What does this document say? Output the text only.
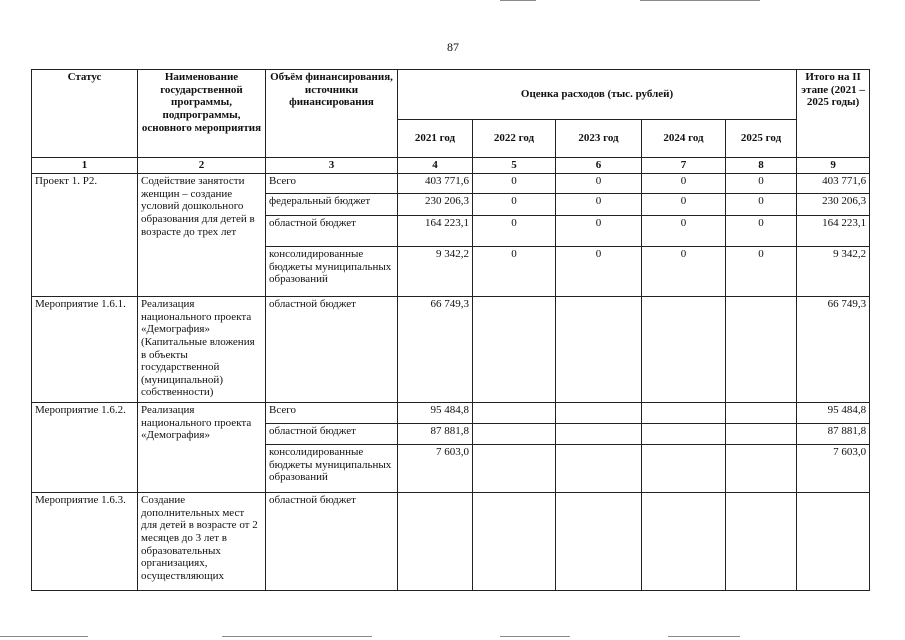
87
Статус	Наименование государственной программы, подпрограммы, основного мероприятия	Объём финансирования, источники финансирования	Оценка расходов (тыс. рублей)					Итого на II этапе (2021 – 2025 годы)
			2021 год	2022 год	2023 год	2024 год	2025 год	
1	2	3	4	5	6	7	8	9
Проект 1. Р2.	Содействие занятости женщин – создание условий дошкольного образования для детей в возрасте до трех лет	Всего	403 771,6	0	0	0	0	403 771,6
		федеральный бюджет	230 206,3	0	0	0	0	230 206,3
		областной бюджет	164 223,1	0	0	0	0	164 223,1
		консолидированные бюджеты муниципальных образований	9 342,2	0	0	0	0	9 342,2
Мероприятие 1.6.1.	Реализация национального проекта «Демография» (Капитальные вложения в объекты государственной (муниципальной) собственности)	областной бюджет	66 749,3					66 749,3
Мероприятие 1.6.2.	Реализация национального проекта «Демография»	Всего	95 484,8					95 484,8
		областной бюджет	87 881,8					87 881,8
		консолидированные бюджеты муниципальных образований	7 603,0					7 603,0
Мероприятие 1.6.3.	Создание дополнительных мест для детей в возрасте от 2 месяцев до 3 лет в образовательных организациях, осуществляющих	областной бюджет						
